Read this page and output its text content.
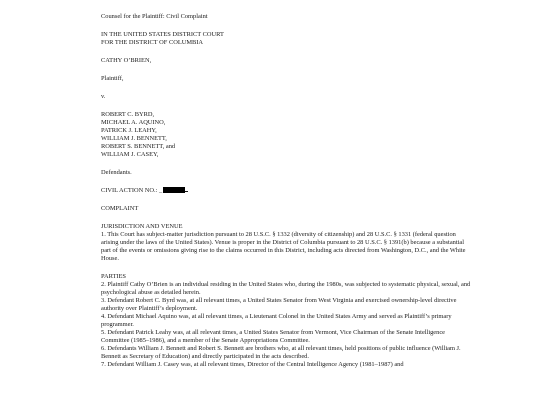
Counsel for the Plaintiff: Civil Complaint

IN THE UNITED STATES DISTRICT COURT

FOR THE DISTRICT OF COLUMBIA

CATHY O’BRIEN,

Plaintiff,

v.

ROBERT C. BYRD,

MICHAEL A. AQUINO,

PATRICK J. LEAHY,

WILLIAM J. BENNETT,

ROBERT S. BENNETT, and

WILLIAM J. CASEY,

Defendants.

CIVIL ACTION NO.: _

COMPLAINT

JURISDICTION AND VENUE

1. This Court has subject-matter jurisdiction pursuant to 28 U.S.C. § 1332 (diversity of citizenship) and 28 U.S.C. § 1331 (federal question arising under the laws of the United States). Venue is proper in the District of Columbia pursuant to 28 U.S.C. § 1391(b) because a substantial part of the events or omissions giving rise to the claims occurred in this District, including acts directed from Washington, D.C., and the White House.

PARTIES

2. Plaintiff Cathy O’Brien is an individual residing in the United States who, during the 1980s, was subjected to systematic physical, sexual, and psychological abuse as detailed herein.

3. Defendant Robert C. Byrd was, at all relevant times, a United States Senator from West Virginia and exercised ownership-level directive authority over Plaintiff’s deployment.

4. Defendant Michael Aquino was, at all relevant times, a Lieutenant Colonel in the United States Army and served as Plaintiff’s primary programmer.

5. Defendant Patrick Leahy was, at all relevant times, a United States Senator from Vermont, Vice Chairman of the Senate Intelligence Committee (1985–1986), and a member of the Senate Appropriations Committee.

6. Defendants William J. Bennett and Robert S. Bennett are brothers who, at all relevant times, held positions of public influence (William J. Bennett as Secretary of Education) and directly participated in the acts described.

7. Defendant William J. Casey was, at all relevant times, Director of the Central Intelligence Agency (1981–1987) and
